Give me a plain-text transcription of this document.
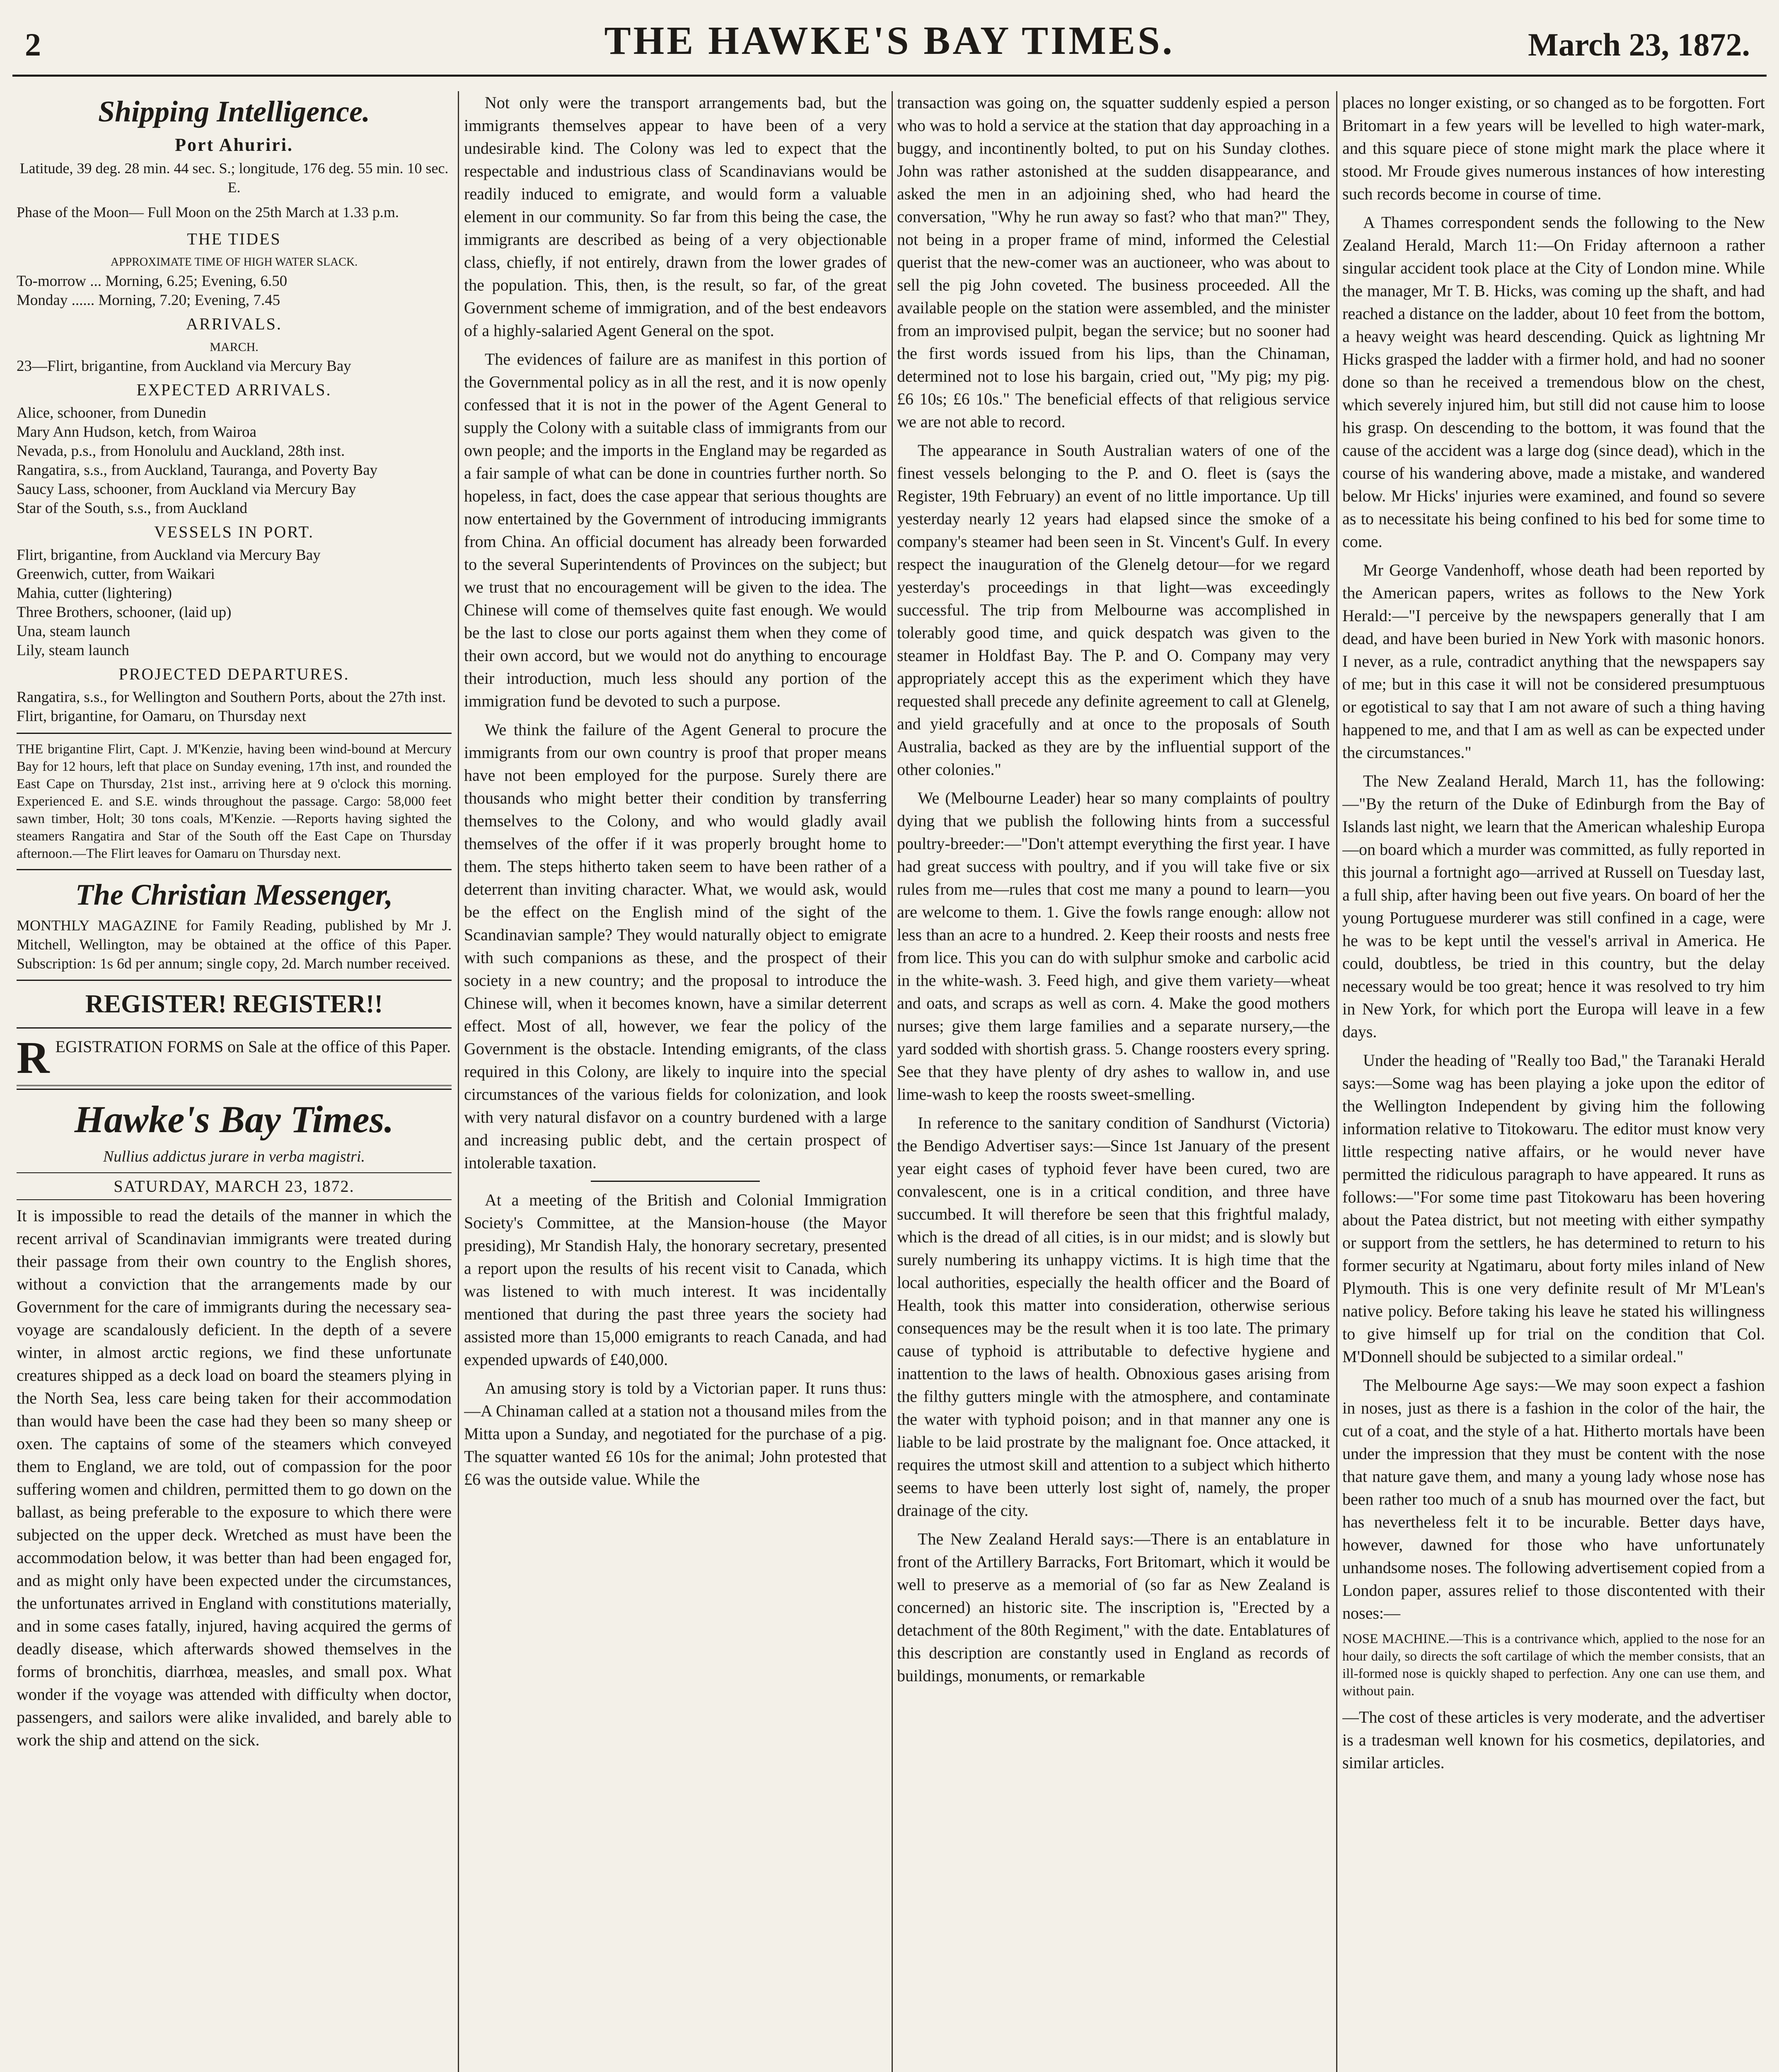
2	THE HAWKE'S BAY TIMES.	March 23, 1872.
Shipping Intelligence.
Port Ahuriri.

Latitude, 39 deg. 28 min. 44 sec. S.; longitude, 176 deg. 55 min. 10 sec. E.

Phase of the Moon— Full Moon on the 25th March at 1.33 p.m.

THE TIDES
APPROXIMATE TIME OF HIGH WATER SLACK.
To-morrow ... Morning, 6.25; Evening, 6.50
Monday ...... Morning, 7.20; Evening, 7.45
ARRIVALS.
MARCH.
23—Flirt, brigantine, from Auckland via Mercury Bay
EXPECTED ARRIVALS.
Alice, schooner, from Dunedin
Mary Ann Hudson, ketch, from Wairoa
Nevada, p.s., from Honolulu and Auckland, 28th inst.
Rangatira, s.s., from Auckland, Tauranga, and Poverty Bay
Saucy Lass, schooner, from Auckland via Mercury Bay
Star of the South, s.s., from Auckland
VESSELS IN PORT.
Flirt, brigantine, from Auckland via Mercury Bay
Greenwich, cutter, from Waikari
Mahia, cutter (lightering)
Three Brothers, schooner, (laid up)
Una, steam launch
Lily, steam launch
PROJECTED DEPARTURES.
Rangatira, s.s., for Wellington and Southern Ports, about the 27th inst.
Flirt, brigantine, for Oamaru, on Thursday next

THE brigantine Flirt, Capt. J. M'Kenzie, having been wind-bound at Mercury Bay for 12 hours, left that place on Sunday evening, 17th inst, and rounded the East Cape on Thursday, 21st inst., arriving here at 9 o'clock this morning. Experienced E. and S.E. winds throughout the passage. Cargo: 58,000 feet sawn timber, Holt; 30 tons coals, M'Kenzie. —Reports having sighted the steamers Rangatira and Star of the South off the East Cape on Thursday afternoon.—The Flirt leaves for Oamaru on Thursday next.

The Christian Messenger,

MONTHLY MAGAZINE for Family Reading, published by Mr J. Mitchell, Wellington, may be obtained at the office of this Paper. Subscription: 1s 6d per annum; single copy, 2d. March number received.

REGISTER! REGISTER!!
R EGISTRATION FORMS on Sale at the office of this Paper.
Hawke's Bay Times.
Nullius addictus jurare in verba magistri.
SATURDAY, MARCH 23, 1872.

It is impossible to read the details of the manner in which the recent arrival of Scandinavian immigrants were treated during their passage from their own country to the English shores, without a conviction that the arrangements made by our Government for the care of immigrants during the necessary sea-voyage are scandalously deficient. In the depth of a severe winter, in almost arctic regions, we find these unfortunate creatures shipped as a deck load on board the steamers plying in the North Sea, less care being taken for their accommodation than would have been the case had they been so many sheep or oxen. The captains of some of the steamers which conveyed them to England, we are told, out of compassion for the poor suffering women and children, permitted them to go down on the ballast, as being preferable to the exposure to which there were subjected on the upper deck. Wretched as must have been the accommodation below, it was better than had been engaged for, and as might only have been expected under the circumstances, the unfortunates arrived in England with constitutions materially, and in some cases fatally, injured, having acquired the germs of deadly disease, which afterwards showed themselves in the forms of bronchitis, diarrhœa, measles, and small pox. What wonder if the voyage was attended with difficulty when doctor, passengers, and sailors were alike invalided, and barely able to work the ship and attend on the sick.

Not only were the transport arrangements bad, but the immigrants themselves appear to have been of a very undesirable kind. The Colony was led to expect that the respectable and industrious class of Scandinavians would be readily induced to emigrate, and would form a valuable element in our community. So far from this being the case, the immigrants are described as being of a very objectionable class, chiefly, if not entirely, drawn from the lower grades of the population. This, then, is the result, so far, of the great Government scheme of immigration, and of the best endeavors of a highly-salaried Agent General on the spot.

The evidences of failure are as manifest in this portion of the Governmental policy as in all the rest, and it is now openly confessed that it is not in the power of the Agent General to supply the Colony with a suitable class of immigrants from our own people; and the imports in the England may be regarded as a fair sample of what can be done in countries further north. So hopeless, in fact, does the case appear that serious thoughts are now entertained by the Government of introducing immigrants from China. An official document has already been forwarded to the several Superintendents of Provinces on the subject; but we trust that no encouragement will be given to the idea. The Chinese will come of themselves quite fast enough. We would be the last to close our ports against them when they come of their own accord, but we would not do anything to encourage their introduction, much less should any portion of the immigration fund be devoted to such a purpose.

We think the failure of the Agent General to procure the immigrants from our own country is proof that proper means have not been employed for the purpose. Surely there are thousands who might better their condition by transferring themselves to the Colony, and who would gladly avail themselves of the offer if it was properly brought home to them. The steps hitherto taken seem to have been rather of a deterrent than inviting character. What, we would ask, would be the effect on the English mind of the sight of the Scandinavian sample? They would naturally object to emigrate with such companions as these, and the prospect of their society in a new country; and the proposal to introduce the Chinese will, when it becomes known, have a similar deterrent effect. Most of all, however, we fear the policy of the Government is the obstacle. Intending emigrants, of the class required in this Colony, are likely to inquire into the special circumstances of the various fields for colonization, and look with very natural disfavor on a country burdened with a large and increasing public debt, and the certain prospect of intolerable taxation.

At a meeting of the British and Colonial Immigration Society's Committee, at the Mansion-house (the Mayor presiding), Mr Standish Haly, the honorary secretary, presented a report upon the results of his recent visit to Canada, which was listened to with much interest. It was incidentally mentioned that during the past three years the society had assisted more than 15,000 emigrants to reach Canada, and had expended upwards of £40,000.

An amusing story is told by a Victorian paper. It runs thus:—A Chinaman called at a station not a thousand miles from the Mitta upon a Sunday, and negotiated for the purchase of a pig. The squatter wanted £6 10s for the animal; John protested that £6 was the outside value. While the

transaction was going on, the squatter suddenly espied a person who was to hold a service at the station that day approaching in a buggy, and incontinently bolted, to put on his Sunday clothes. John was rather astonished at the sudden disappearance, and asked the men in an adjoining shed, who had heard the conversation, "Why he run away so fast? who that man?" They, not being in a proper frame of mind, informed the Celestial querist that the new-comer was an auctioneer, who was about to sell the pig John coveted. The business proceeded. All the available people on the station were assembled, and the minister from an improvised pulpit, began the service; but no sooner had the first words issued from his lips, than the Chinaman, determined not to lose his bargain, cried out, "My pig; my pig. £6 10s; £6 10s." The beneficial effects of that religious service we are not able to record.

The appearance in South Australian waters of one of the finest vessels belonging to the P. and O. fleet is (says the Register, 19th February) an event of no little importance. Up till yesterday nearly 12 years had elapsed since the smoke of a company's steamer had been seen in St. Vincent's Gulf. In every respect the inauguration of the Glenelg detour—for we regard yesterday's proceedings in that light—was exceedingly successful. The trip from Melbourne was accomplished in tolerably good time, and quick despatch was given to the steamer in Holdfast Bay. The P. and O. Company may very appropriately accept this as the experiment which they have requested shall precede any definite agreement to call at Glenelg, and yield gracefully and at once to the proposals of South Australia, backed as they are by the influential support of the other colonies."

We (Melbourne Leader) hear so many complaints of poultry dying that we publish the following hints from a successful poultry-breeder:—"Don't attempt everything the first year. I have had great success with poultry, and if you will take five or six rules from me—rules that cost me many a pound to learn—you are welcome to them. 1. Give the fowls range enough: allow not less than an acre to a hundred. 2. Keep their roosts and nests free from lice. This you can do with sulphur smoke and carbolic acid in the white-wash. 3. Feed high, and give them variety—wheat and oats, and scraps as well as corn. 4. Make the good mothers nurses; give them large families and a separate nursery,—the yard sodded with shortish grass. 5. Change roosters every spring. See that they have plenty of dry ashes to wallow in, and use lime-wash to keep the roosts sweet-smelling.

In reference to the sanitary condition of Sandhurst (Victoria) the Bendigo Advertiser says:—Since 1st January of the present year eight cases of typhoid fever have been cured, two are convalescent, one is in a critical condition, and three have succumbed. It will therefore be seen that this frightful malady, which is the dread of all cities, is in our midst; and is slowly but surely numbering its unhappy victims. It is high time that the local authorities, especially the health officer and the Board of Health, took this matter into consideration, otherwise serious consequences may be the result when it is too late. The primary cause of typhoid is attributable to defective hygiene and inattention to the laws of health. Obnoxious gases arising from the filthy gutters mingle with the atmosphere, and contaminate the water with typhoid poison; and in that manner any one is liable to be laid prostrate by the malignant foe. Once attacked, it requires the utmost skill and attention to a subject which hitherto seems to have been utterly lost sight of, namely, the proper drainage of the city.

The New Zealand Herald says:—There is an entablature in front of the Artillery Barracks, Fort Britomart, which it would be well to preserve as a memorial of (so far as New Zealand is concerned) an historic site. The inscription is, "Erected by a detachment of the 80th Regiment," with the date. Entablatures of this description are constantly used in England as records of buildings, monuments, or remarkable

places no longer existing, or so changed as to be forgotten. Fort Britomart in a few years will be levelled to high water-mark, and this square piece of stone might mark the place where it stood. Mr Froude gives numerous instances of how interesting such records become in course of time.

A Thames correspondent sends the following to the New Zealand Herald, March 11:—On Friday afternoon a rather singular accident took place at the City of London mine. While the manager, Mr T. B. Hicks, was coming up the shaft, and had reached a distance on the ladder, about 10 feet from the bottom, a heavy weight was heard descending. Quick as lightning Mr Hicks grasped the ladder with a firmer hold, and had no sooner done so than he received a tremendous blow on the chest, which severely injured him, but still did not cause him to loose his grasp. On descending to the bottom, it was found that the cause of the accident was a large dog (since dead), which in the course of his wandering above, made a mistake, and wandered below. Mr Hicks' injuries were examined, and found so severe as to necessitate his being confined to his bed for some time to come.

Mr George Vandenhoff, whose death had been reported by the American papers, writes as follows to the New York Herald:—"I perceive by the newspapers generally that I am dead, and have been buried in New York with masonic honors. I never, as a rule, contradict anything that the newspapers say of me; but in this case it will not be considered presumptuous or egotistical to say that I am not aware of such a thing having happened to me, and that I am as well as can be expected under the circumstances."

The New Zealand Herald, March 11, has the following:—"By the return of the Duke of Edinburgh from the Bay of Islands last night, we learn that the American whaleship Europa—on board which a murder was committed, as fully reported in this journal a fortnight ago—arrived at Russell on Tuesday last, a full ship, after having been out five years. On board of her the young Portuguese murderer was still confined in a cage, were he was to be kept until the vessel's arrival in America. He could, doubtless, be tried in this country, but the delay necessary would be too great; hence it was resolved to try him in New York, for which port the Europa will leave in a few days.

Under the heading of "Really too Bad," the Taranaki Herald says:—Some wag has been playing a joke upon the editor of the Wellington Independent by giving him the following information relative to Titokowaru. The editor must know very little respecting native affairs, or he would never have permitted the ridiculous paragraph to have appeared. It runs as follows:—"For some time past Titokowaru has been hovering about the Patea district, but not meeting with either sympathy or support from the settlers, he has determined to return to his former security at Ngatimaru, about forty miles inland of New Plymouth. This is one very definite result of Mr M'Lean's native policy. Before taking his leave he stated his willingness to give himself up for trial on the condition that Col. M'Donnell should be subjected to a similar ordeal."

The Melbourne Age says:—We may soon expect a fashion in noses, just as there is a fashion in the color of the hair, the cut of a coat, and the style of a hat. Hitherto mortals have been under the impression that they must be content with the nose that nature gave them, and many a young lady whose nose has been rather too much of a snub has mourned over the fact, but has nevertheless felt it to be incurable. Better days have, however, dawned for those who have unfortunately unhandsome noses. The following advertisement copied from a London paper, assures relief to those discontented with their noses:—

NOSE MACHINE.—This is a contrivance which, applied to the nose for an hour daily, so directs the soft cartilage of which the member consists, that an ill-formed nose is quickly shaped to perfection. Any one can use them, and without pain.

—The cost of these articles is very moderate, and the advertiser is a tradesman well known for his cosmetics, depilatories, and similar articles.
